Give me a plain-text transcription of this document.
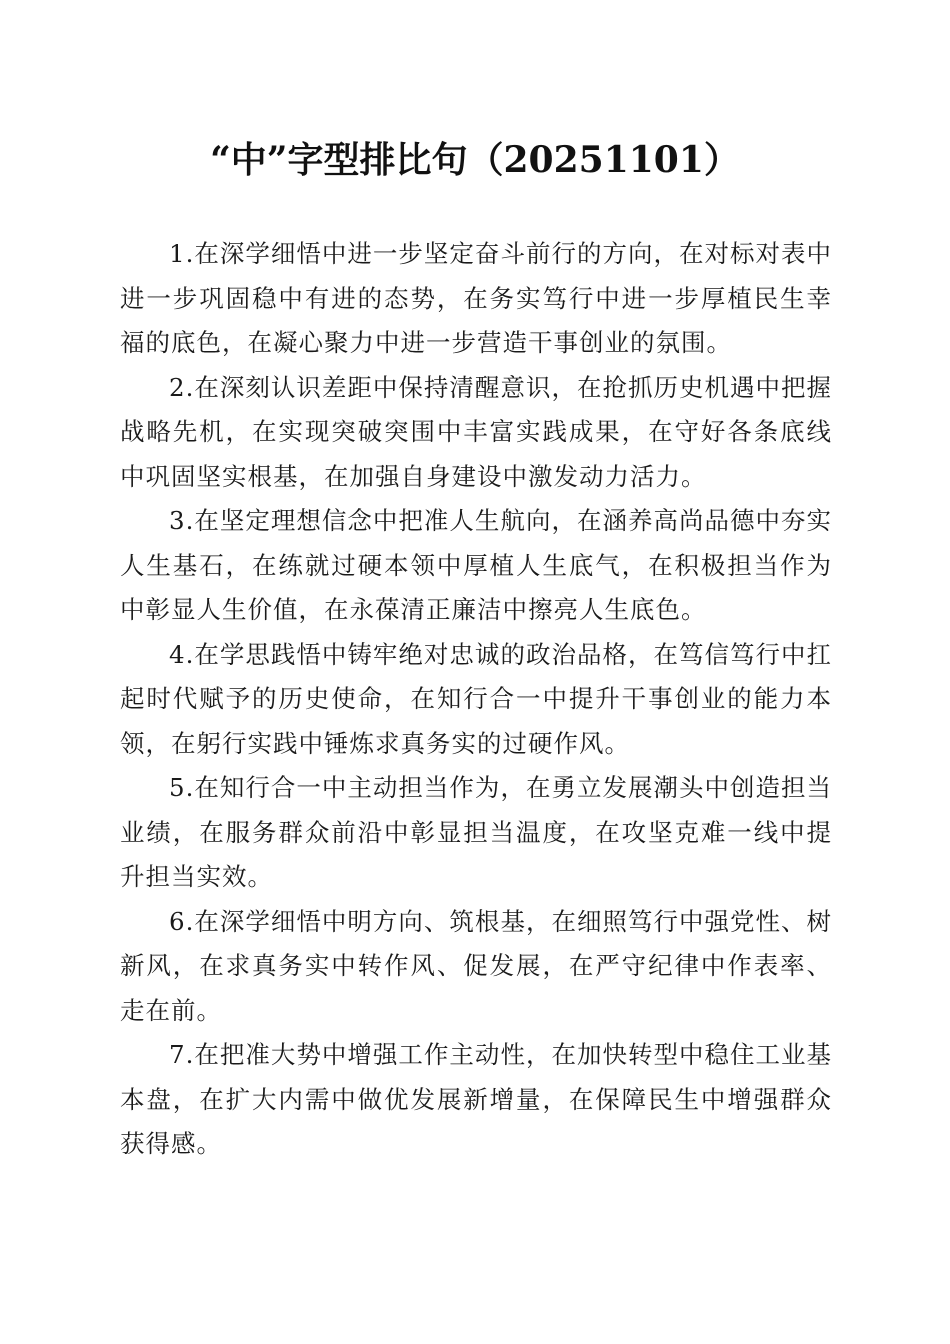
“中”字型排比句（20251101）

1.在深学细悟中进一步坚定奋斗前行的方向，在对标对表中进一步巩固稳中有进的态势，在务实笃行中进一步厚植民生幸福的底色，在凝心聚力中进一步营造干事创业的氛围。

2.在深刻认识差距中保持清醒意识，在抢抓历史机遇中把握战略先机，在实现突破突围中丰富实践成果，在守好各条底线中巩固坚实根基，在加强自身建设中激发动力活力。

3.在坚定理想信念中把准人生航向，在涵养高尚品德中夯实人生基石，在练就过硬本领中厚植人生底气，在积极担当作为中彰显人生价值，在永葆清正廉洁中擦亮人生底色。

4.在学思践悟中铸牢绝对忠诚的政治品格，在笃信笃行中扛起时代赋予的历史使命，在知行合一中提升干事创业的能力本领，在躬行实践中锤炼求真务实的过硬作风。

5.在知行合一中主动担当作为，在勇立发展潮头中创造担当业绩，在服务群众前沿中彰显担当温度，在攻坚克难一线中提升担当实效。

6.在深学细悟中明方向、筑根基，在细照笃行中强党性、树新风，在求真务实中转作风、促发展，在严守纪律中作表率、走在前。

7.在把准大势中增强工作主动性，在加快转型中稳住工业基本盘，在扩大内需中做优发展新增量，在保障民生中增强群众获得感。
